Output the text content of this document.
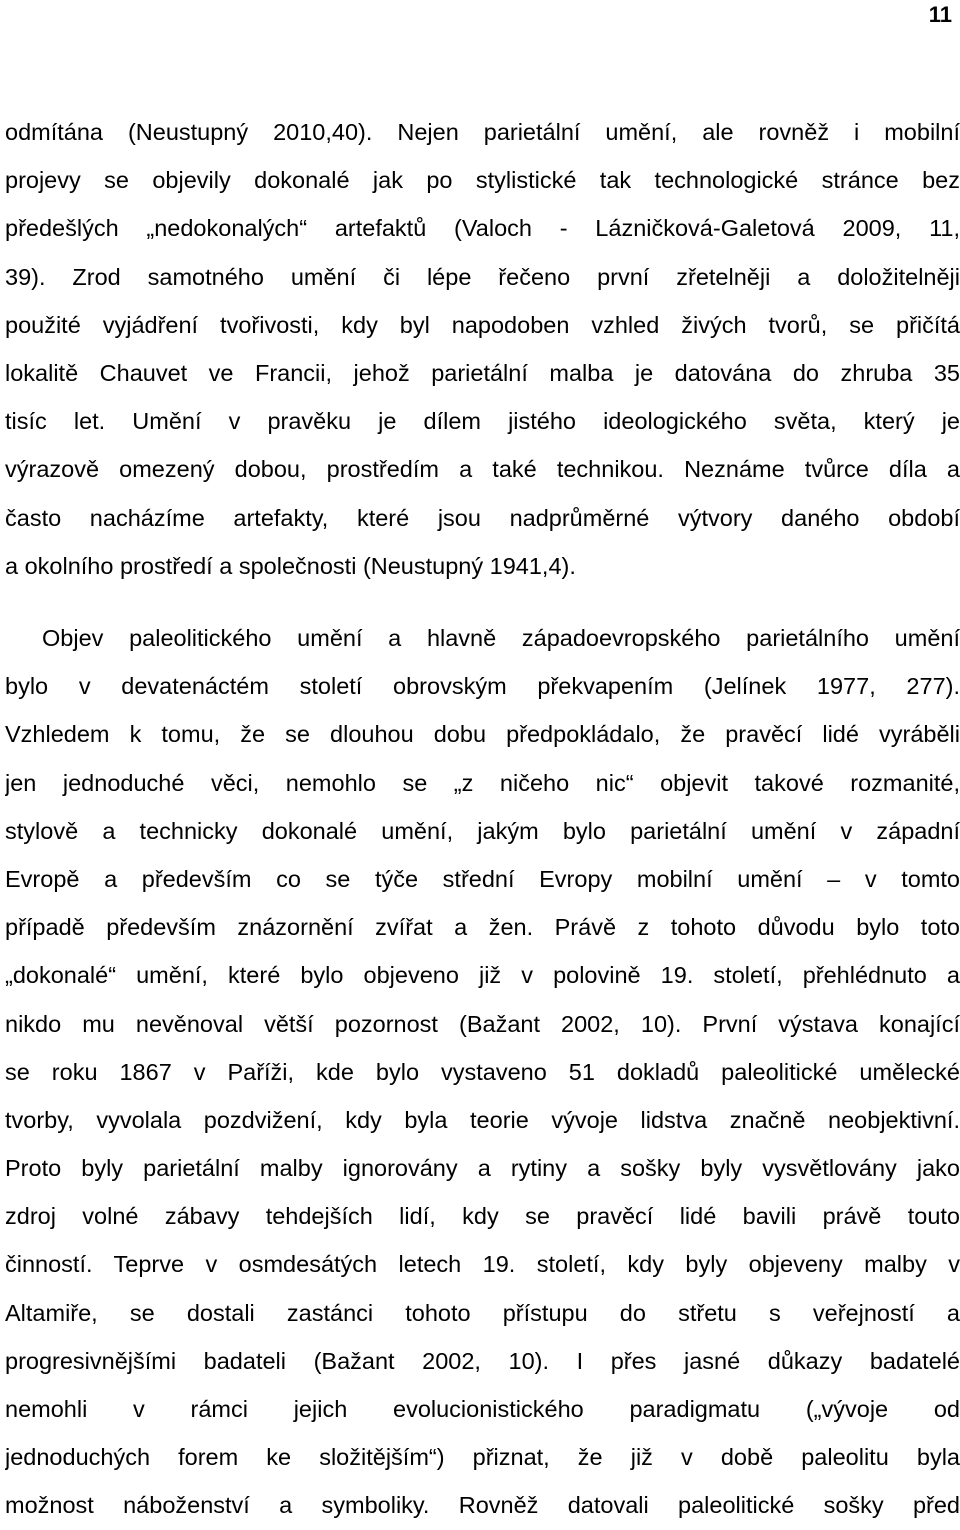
11
odmítána (Neustupný 2010,40). Nejen parietální umění, ale rovněž i mobilní
projevy se objevily dokonalé jak po stylistické tak technologické stránce bez
předešlých „nedokonalých“ artefaktů (Valoch - Lázničková-Galetová 2009, 11,
39). Zrod samotného umění či lépe řečeno první zřetelněji a doložitelněji
použité vyjádření tvořivosti, kdy byl napodoben vzhled živých tvorů, se přičítá
lokalitě Chauvet ve Francii, jehož parietální malba je datována do zhruba 35
tisíc let. Umění v pravěku je dílem jistého ideologického světa, který je
výrazově omezený dobou, prostředím a také technikou. Neznáme tvůrce díla a
často nacházíme artefakty, které jsou nadprůměrné výtvory daného období
a okolního prostředí a společnosti (Neustupný 1941,4).
Objev paleolitického umění a hlavně západoevropského parietálního umění
bylo v devatenáctém století obrovským překvapením (Jelínek 1977, 277).
Vzhledem k tomu, že se dlouhou dobu předpokládalo, že pravěcí lidé vyráběli
jen jednoduché věci, nemohlo se „z ničeho nic“ objevit takové rozmanité,
stylově a technicky dokonalé umění, jakým bylo parietální umění v západní
Evropě a především co se týče střední Evropy mobilní umění – v tomto
případě především znázornění zvířat a žen. Právě z tohoto důvodu bylo toto
„dokonalé“ umění, které bylo objeveno již v polovině 19. století, přehlédnuto a
nikdo mu nevěnoval větší pozornost (Bažant 2002, 10). První výstava konající
se roku 1867 v Paříži, kde bylo vystaveno 51 dokladů paleolitické umělecké
tvorby, vyvolala pozdvižení, kdy byla teorie vývoje lidstva značně neobjektivní.
Proto byly parietální malby ignorovány a rytiny a sošky byly vysvětlovány jako
zdroj volné zábavy tehdejších lidí, kdy se pravěcí lidé bavili právě touto
činností. Teprve v osmdesátých letech 19. století, kdy byly objeveny malby v
Altamiře, se dostali zastánci tohoto přístupu do střetu s veřejností a
progresivnějšími badateli (Bažant 2002, 10). I přes jasné důkazy badatelé
nemohli v rámci jejich evolucionistického paradigmatu („vývoje od
jednoduchých forem ke složitějším“) přiznat, že již v době paleolitu byla
možnost náboženství a symboliky. Rovněž datovali paleolitické sošky před
